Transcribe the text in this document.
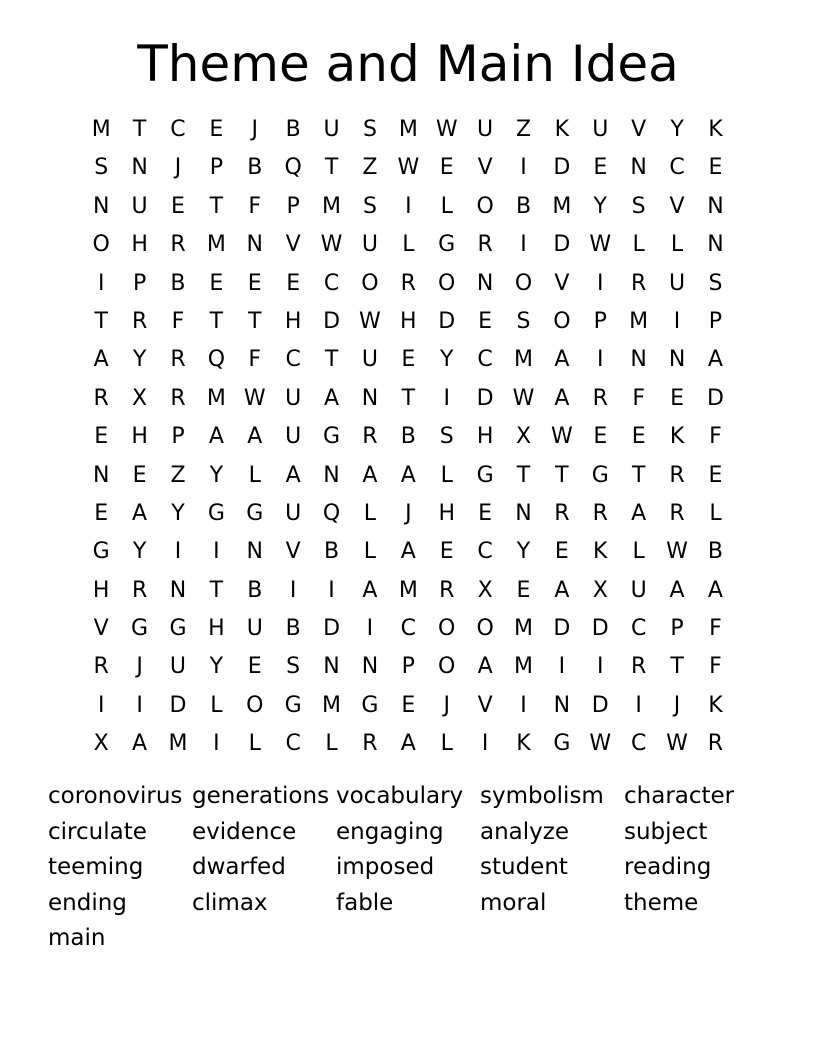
Theme and Main Idea
M	T	C	E	J	B	U	S M W U	Z	K	U	V	Y	K
S	N	J	P	B	Q	T	Z W E	V	I	D	E	N	C	E
N	U	E	T	F	P	M S	I	L	O	B M	Y	S	V	N
O H	R M N	V W U	L	G	R	I	D W L	L	N
I	P	B	E	E	E	C	O	R	O N O	V	I	R	U	S
T	R	F	T	T	H D W H D	E	S	O	P	M	I	P
A	Y	R	Q	F	C	T	U	E	Y	C M A	I	N N	A
R	X	R M W U	A	N	T	I	D W A	R	F	E	D
E	H	P	A	A	U G	R	B	S	H	X W E	E	K	F
N	E	Z	Y	L	A	N	A	A	L	G	T	T	G	T	R	E
E	A	Y	G G U Q	L	J	H	E	N	R	R	A	R	L
G	Y	I	I	N	V	B	L	A	E	C	Y	E	K	L W B
H	R	N	T	B	I	I	A M R	X	E	A	X	U	A	A
V	G G H	U	B	D	I	C	O O M D D	C	P	F
R	J	U	Y	E	S	N N	P	O	A M	I	I	R	T	F
I	I	D	L	O G M G	E	J	V	I	N D	I	J	K
X	A M	I	L	C	L	R	A	L	I	K	G W C W R
coronovirus generations vocabulary symbolism character
circulate	evidence	engaging	analyze	subject
teeming	dwarfed	imposed	student	reading
ending	climax	fable	moral	theme
main
